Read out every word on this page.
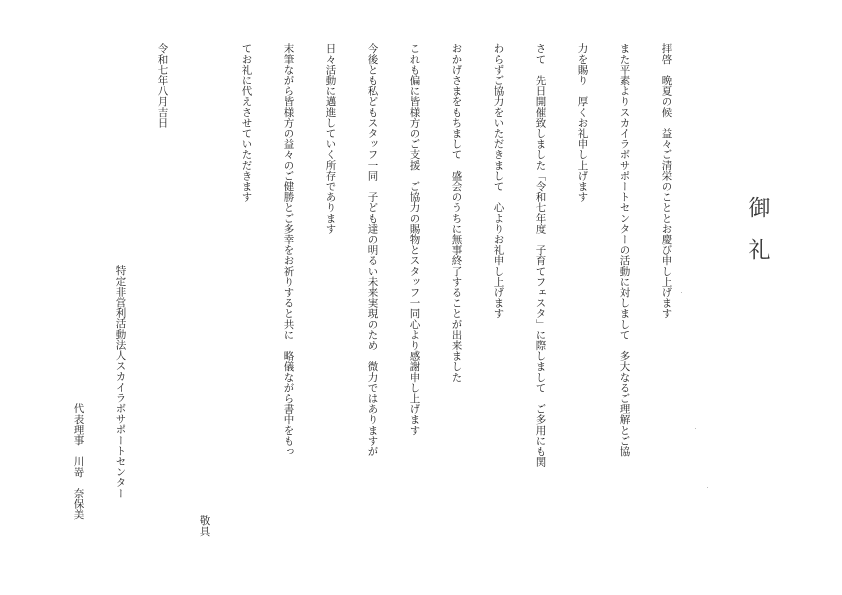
御礼
拝啓　晩夏の候　益々ご清栄のこととお慶び申し上げます
また平素よりスカイラボサポートセンターの活動に対しまして　多大なるご理解とご協
力を賜り　厚くお礼申し上げます
さて　先日開催致しました「令和七年度　子育てフェスタ」に際しまして　ご多用にも関
わらずご協力をいただきまして　心よりお礼申し上げます
おかげさまをもちまして　盛会のうちに無事終了することが出来ました
これも偏に皆様方のご支援　ご協力の賜物とスタッフ一同心より感謝申し上げます
今後とも私どもスタッフ一同　子ども達の明るい未来実現のため　微力ではありますが
日々活動に邁進していく所存であります
末筆ながら皆様方の益々のご健勝とご多幸をお祈りすると共に　略儀ながら書中をもっ
てお礼に代えさせていただきます
敬具
令和七年八月吉日
特定非営利活動法人スカイラボサポートセンター
代表理事　川嵜　奈保美
